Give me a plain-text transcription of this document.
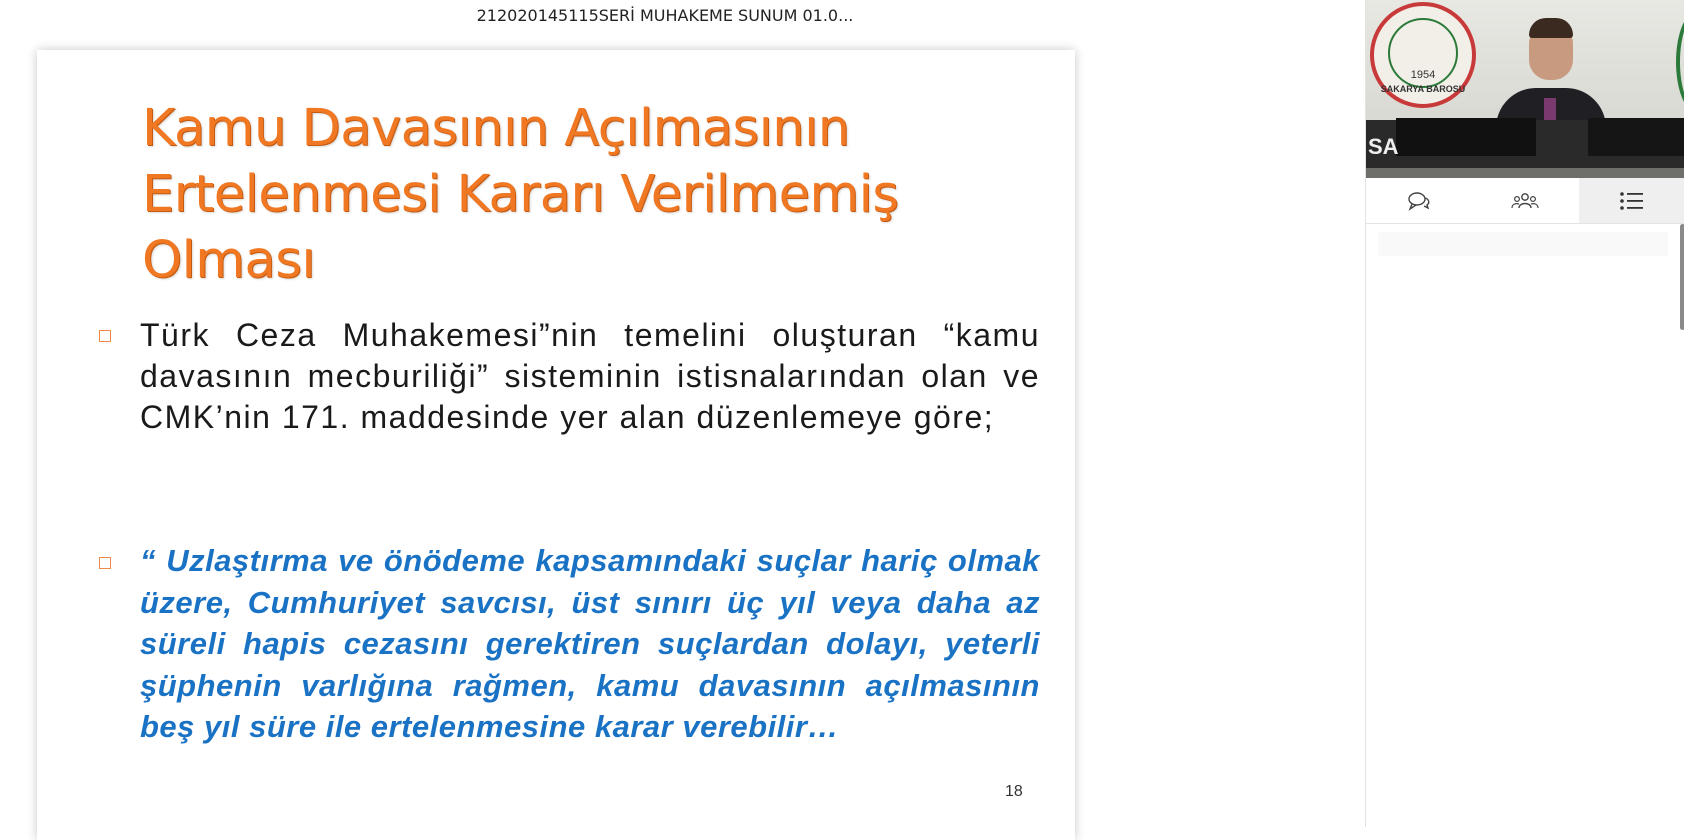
212020145115SERİ MUHAKEME SUNUM 01.0...
Kamu Davasının Açılmasının
Ertelenmesi Kararı Verilmemiş
Olması
Türk Ceza Muhakemesi”nin temelini oluşturan “kamu davasının mecburiliği” sisteminin istisnalarından olan ve CMK’nin 171. maddesinde yer alan düzenlemeye göre;
“ Uzlaştırma ve önödeme kapsamındaki suçlar hariç olmak üzere, Cumhuriyet savcısı, üst sınırı üç yıl veya daha az süreli hapis cezasını gerektiren suçlardan dolayı, yeterli şüphenin varlığına rağmen, kamu davasının açılmasının beş yıl süre ile ertelenmesine karar verebilir…
18
1954
SAKARYA BAROSU
SA
